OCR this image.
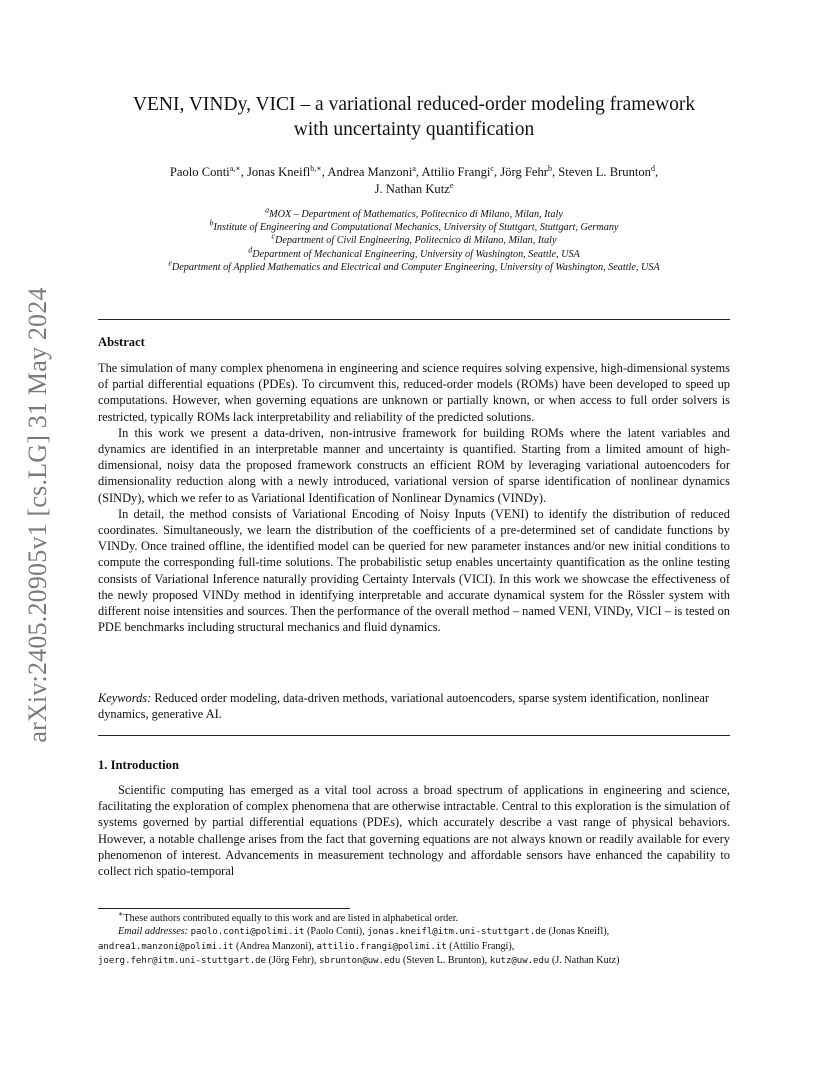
arXiv:2405.20905v1 [cs.LG] 31 May 2024
VENI, VINDy, VICI – a variational reduced-order modeling framework
with uncertainty quantification
Paolo Conti$^{a,∗}$, Jonas Kneifl$^{b,∗}$, Andrea Manzoni$^a$, Attilio Frangi$^c$, Jörg Fehr$^b$, Steven L. Brunton$^d$,
J. Nathan Kutz$^e$
$^a$MOX – Department of Mathematics, Politecnico di Milano, Milan, Italy
$^b$Institute of Engineering and Computational Mechanics, University of Stuttgart, Stuttgart, Germany
$^c$Department of Civil Engineering, Politecnico di Milano, Milan, Italy
$^d$Department of Mechanical Engineering, University of Washington, Seattle, USA
$^e$Department of Applied Mathematics and Electrical and Computer Engineering, University of Washington, Seattle, USA
Abstract

The simulation of many complex phenomena in engineering and science requires solving expensive, high-dimensional systems of partial differential equations (PDEs). To circumvent this, reduced-order models (ROMs) have been developed to speed up computations. However, when governing equations are unknown or partially known, or when access to full order solvers is restricted, typically ROMs lack interpretability and reliability of the predicted solutions.

In this work we present a data-driven, non-intrusive framework for building ROMs where the latent variables and dynamics are identified in an interpretable manner and uncertainty is quantified. Starting from a limited amount of high-dimensional, noisy data the proposed framework constructs an efficient ROM by leveraging variational autoencoders for dimensionality reduction along with a newly introduced, variational version of sparse identification of nonlinear dynamics (SINDy), which we refer to as Variational Identification of Nonlinear Dynamics (VINDy).

In detail, the method consists of Variational Encoding of Noisy Inputs (VENI) to identify the distribution of reduced coordinates. Simultaneously, we learn the distribution of the coefficients of a pre-determined set of candidate functions by VINDy. Once trained offline, the identified model can be queried for new parameter instances and/or new initial conditions to compute the corresponding full-time solutions. The probabilistic setup enables uncertainty quantification as the online testing consists of Variational Inference naturally providing Certainty Intervals (VICI). In this work we showcase the effectiveness of the newly proposed VINDy method in identifying interpretable and accurate dynamical system for the Rössler system with different noise intensities and sources. Then the performance of the overall method – named VENI, VINDy, VICI – is tested on PDE benchmarks including structural mechanics and fluid dynamics.

Keywords: Reduced order modeling, data-driven methods, variational autoencoders, sparse system identification, nonlinear dynamics, generative AI.
1. Introduction

Scientific computing has emerged as a vital tool across a broad spectrum of applications in engineering and science, facilitating the exploration of complex phenomena that are otherwise intractable. Central to this exploration is the simulation of systems governed by partial differential equations (PDEs), which accurately describe a vast range of physical behaviors. However, a notable challenge arises from the fact that governing equations are not always known or readily available for every phenomenon of interest. Advancements in measurement technology and affordable sensors have enhanced the capability to collect rich spatio-temporal

∗These authors contributed equally to this work and are listed in alphabetical order.
Email addresses: paolo.conti@polimi.it (Paolo Conti), jonas.kneifl@itm.uni-stuttgart.de (Jonas Kneifl),
andrea1.manzoni@polimi.it (Andrea Manzoni), attilio.frangi@polimi.it (Attilio Frangi),
joerg.fehr@itm.uni-stuttgart.de (Jörg Fehr), sbrunton@uw.edu (Steven L. Brunton), kutz@uw.edu (J. Nathan Kutz)
